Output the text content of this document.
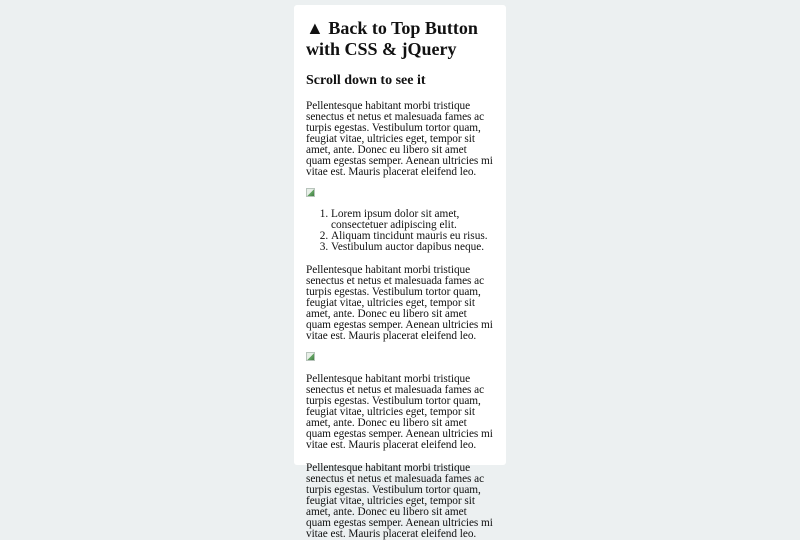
▲ Back to Top Button with CSS & jQuery
Scroll down to see it

Pellentesque habitant morbi tristique senectus et netus et malesuada fames ac turpis egestas. Vestibulum tortor quam, feugiat vitae, ultricies eget, tempor sit amet, ante. Donec eu libero sit amet quam egestas semper. Aenean ultricies mi vitae est. Mauris placerat eleifend leo.

1. Lorem ipsum dolor sit amet, consectetuer adipiscing elit.
2. Aliquam tincidunt mauris eu risus.
3. Vestibulum auctor dapibus neque.

Pellentesque habitant morbi tristique senectus et netus et malesuada fames ac turpis egestas. Vestibulum tortor quam, feugiat vitae, ultricies eget, tempor sit amet, ante. Donec eu libero sit amet quam egestas semper. Aenean ultricies mi vitae est. Mauris placerat eleifend leo.

Pellentesque habitant morbi tristique senectus et netus et malesuada fames ac turpis egestas. Vestibulum tortor quam, feugiat vitae, ultricies eget, tempor sit amet, ante. Donec eu libero sit amet quam egestas semper. Aenean ultricies mi vitae est. Mauris placerat eleifend leo.

Pellentesque habitant morbi tristique senectus et netus et malesuada fames ac turpis egestas. Vestibulum tortor quam, feugiat vitae, ultricies eget, tempor sit amet, ante. Donec eu libero sit amet quam egestas semper. Aenean ultricies mi vitae est. Mauris placerat eleifend leo.
